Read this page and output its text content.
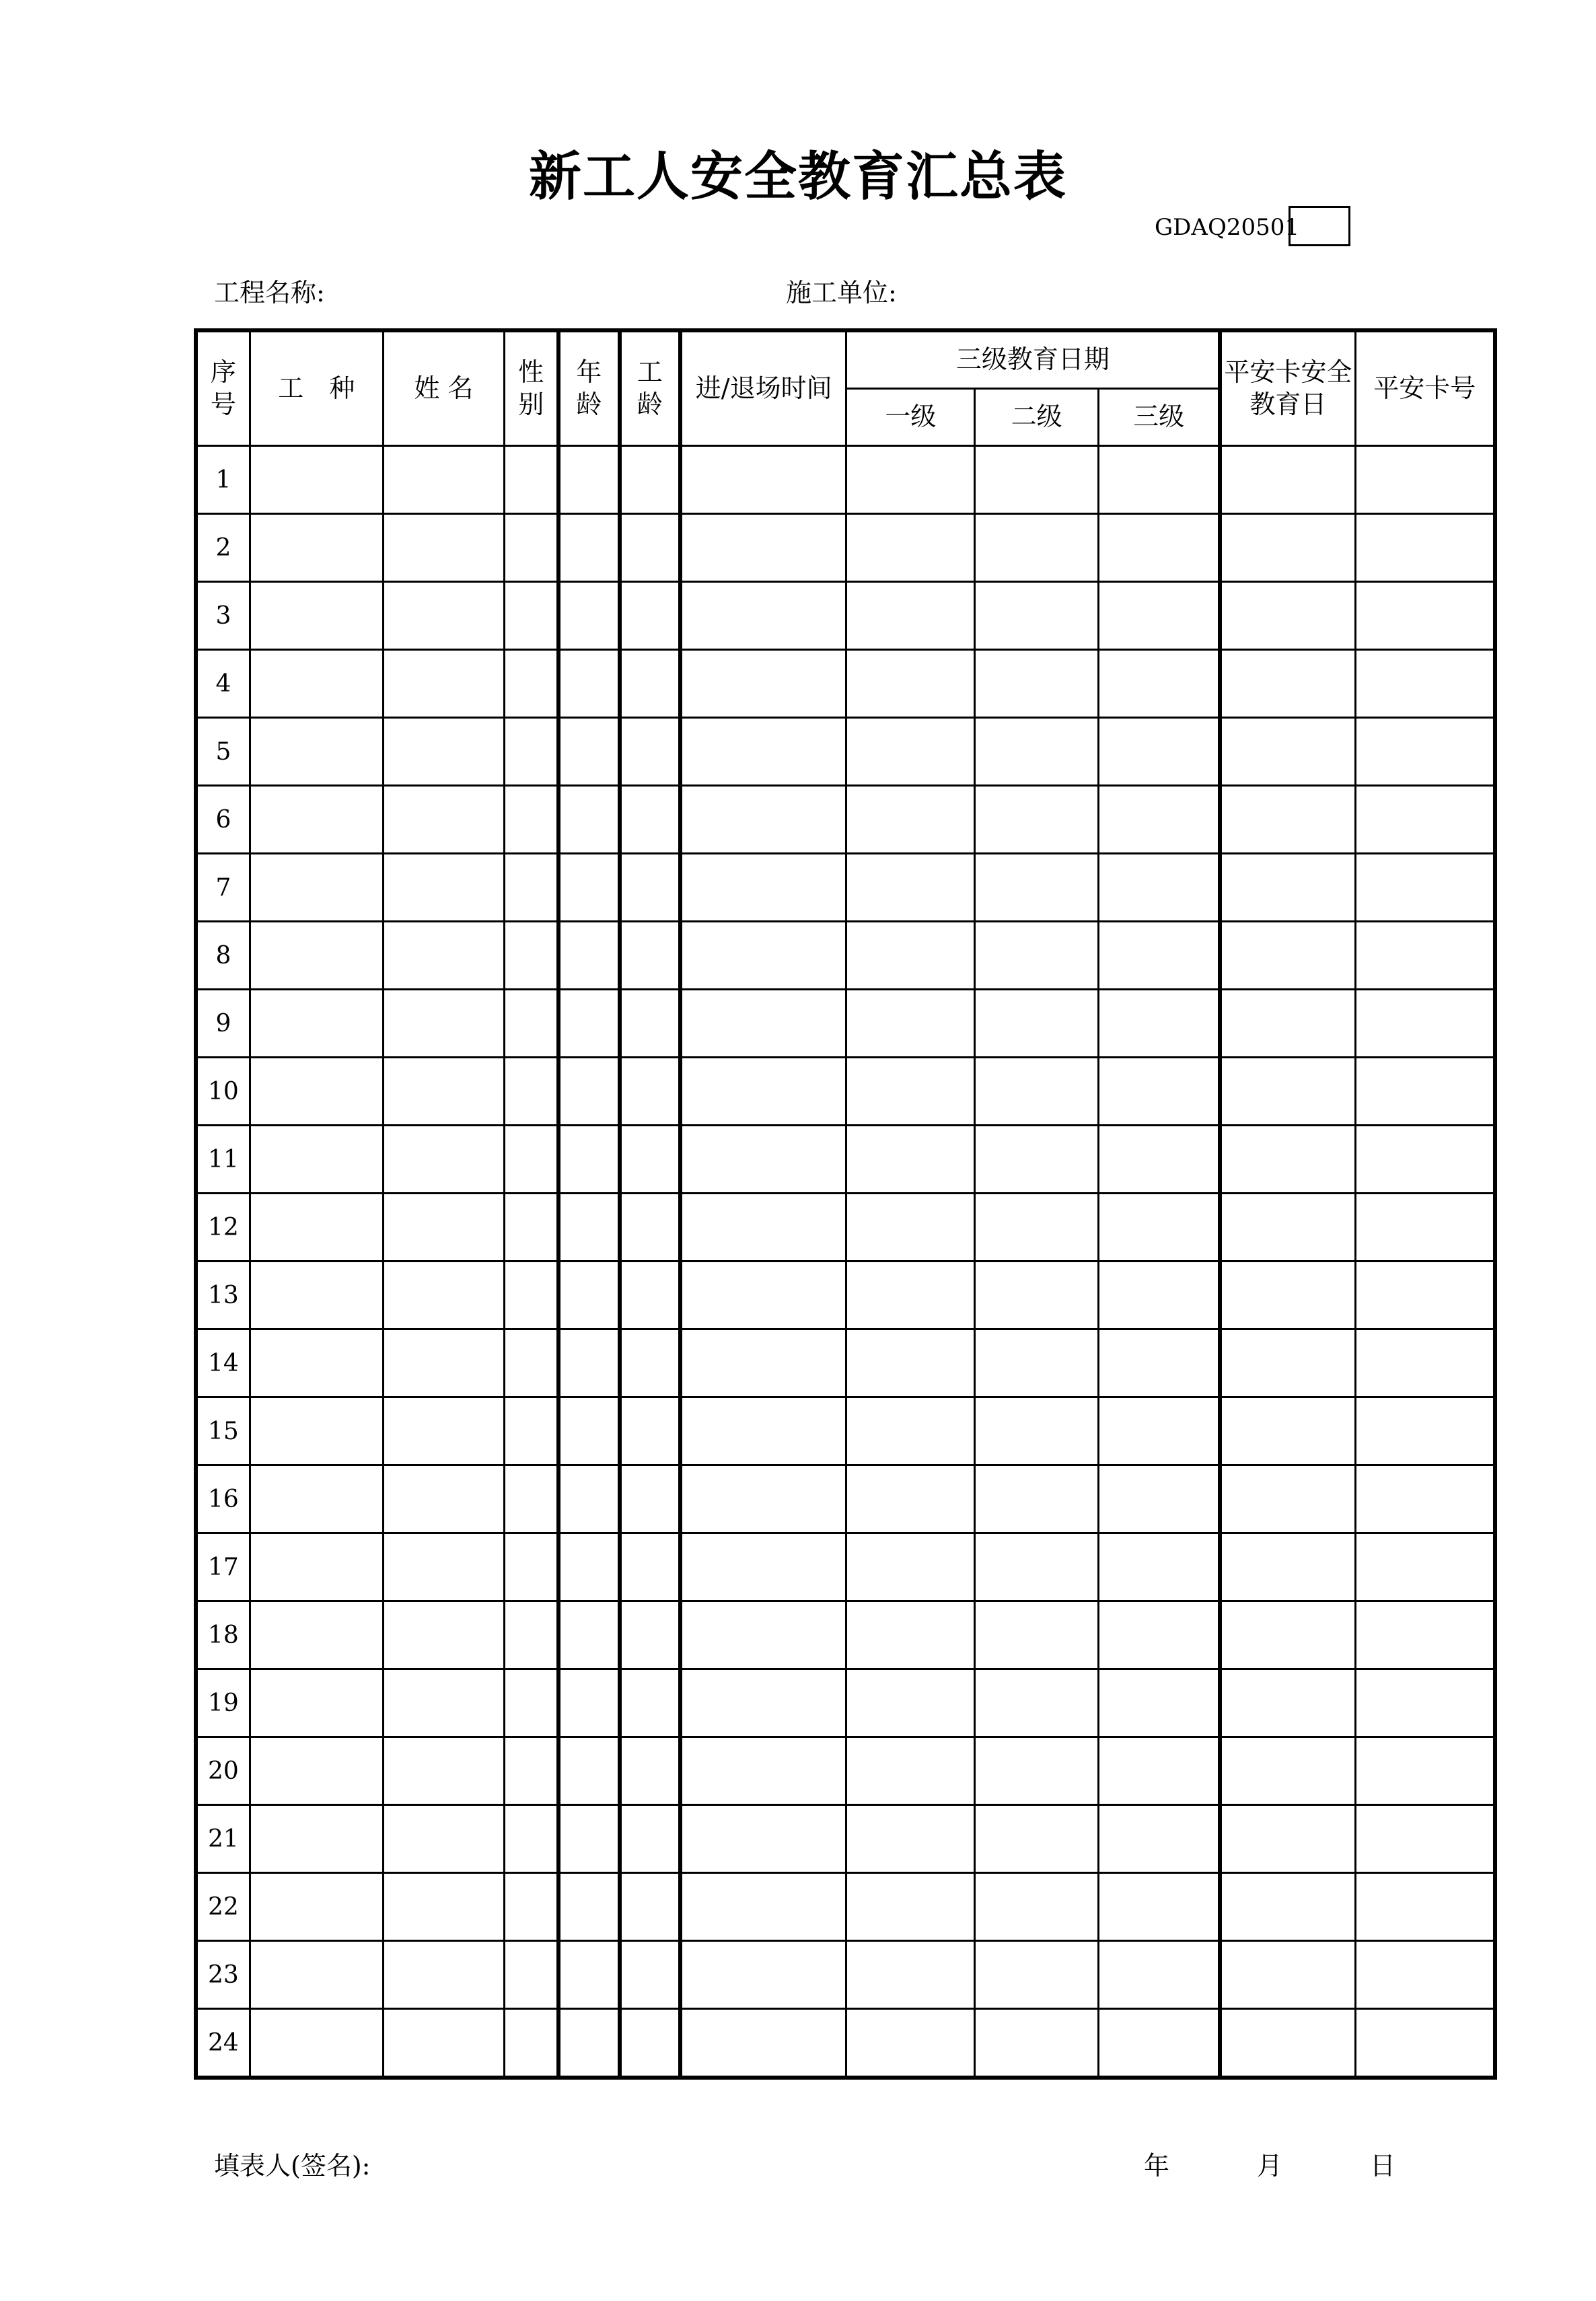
新工人安全教育汇总表
GDAQ20501
工程名称:	施工单位:
序号	工　种	姓 名	性别	年龄	工龄	进/退场时间	三级教育日期			平安卡安全教育日	平安卡号
							一级	二级	三级		
1											
2											
3											
4											
5											
6											
7											
8											
9											
10											
11											
12											
13											
14											
15											
16											
17											
18											
19											
20											
21											
22											
23											
24											
填表人(签名):	年	月	日
